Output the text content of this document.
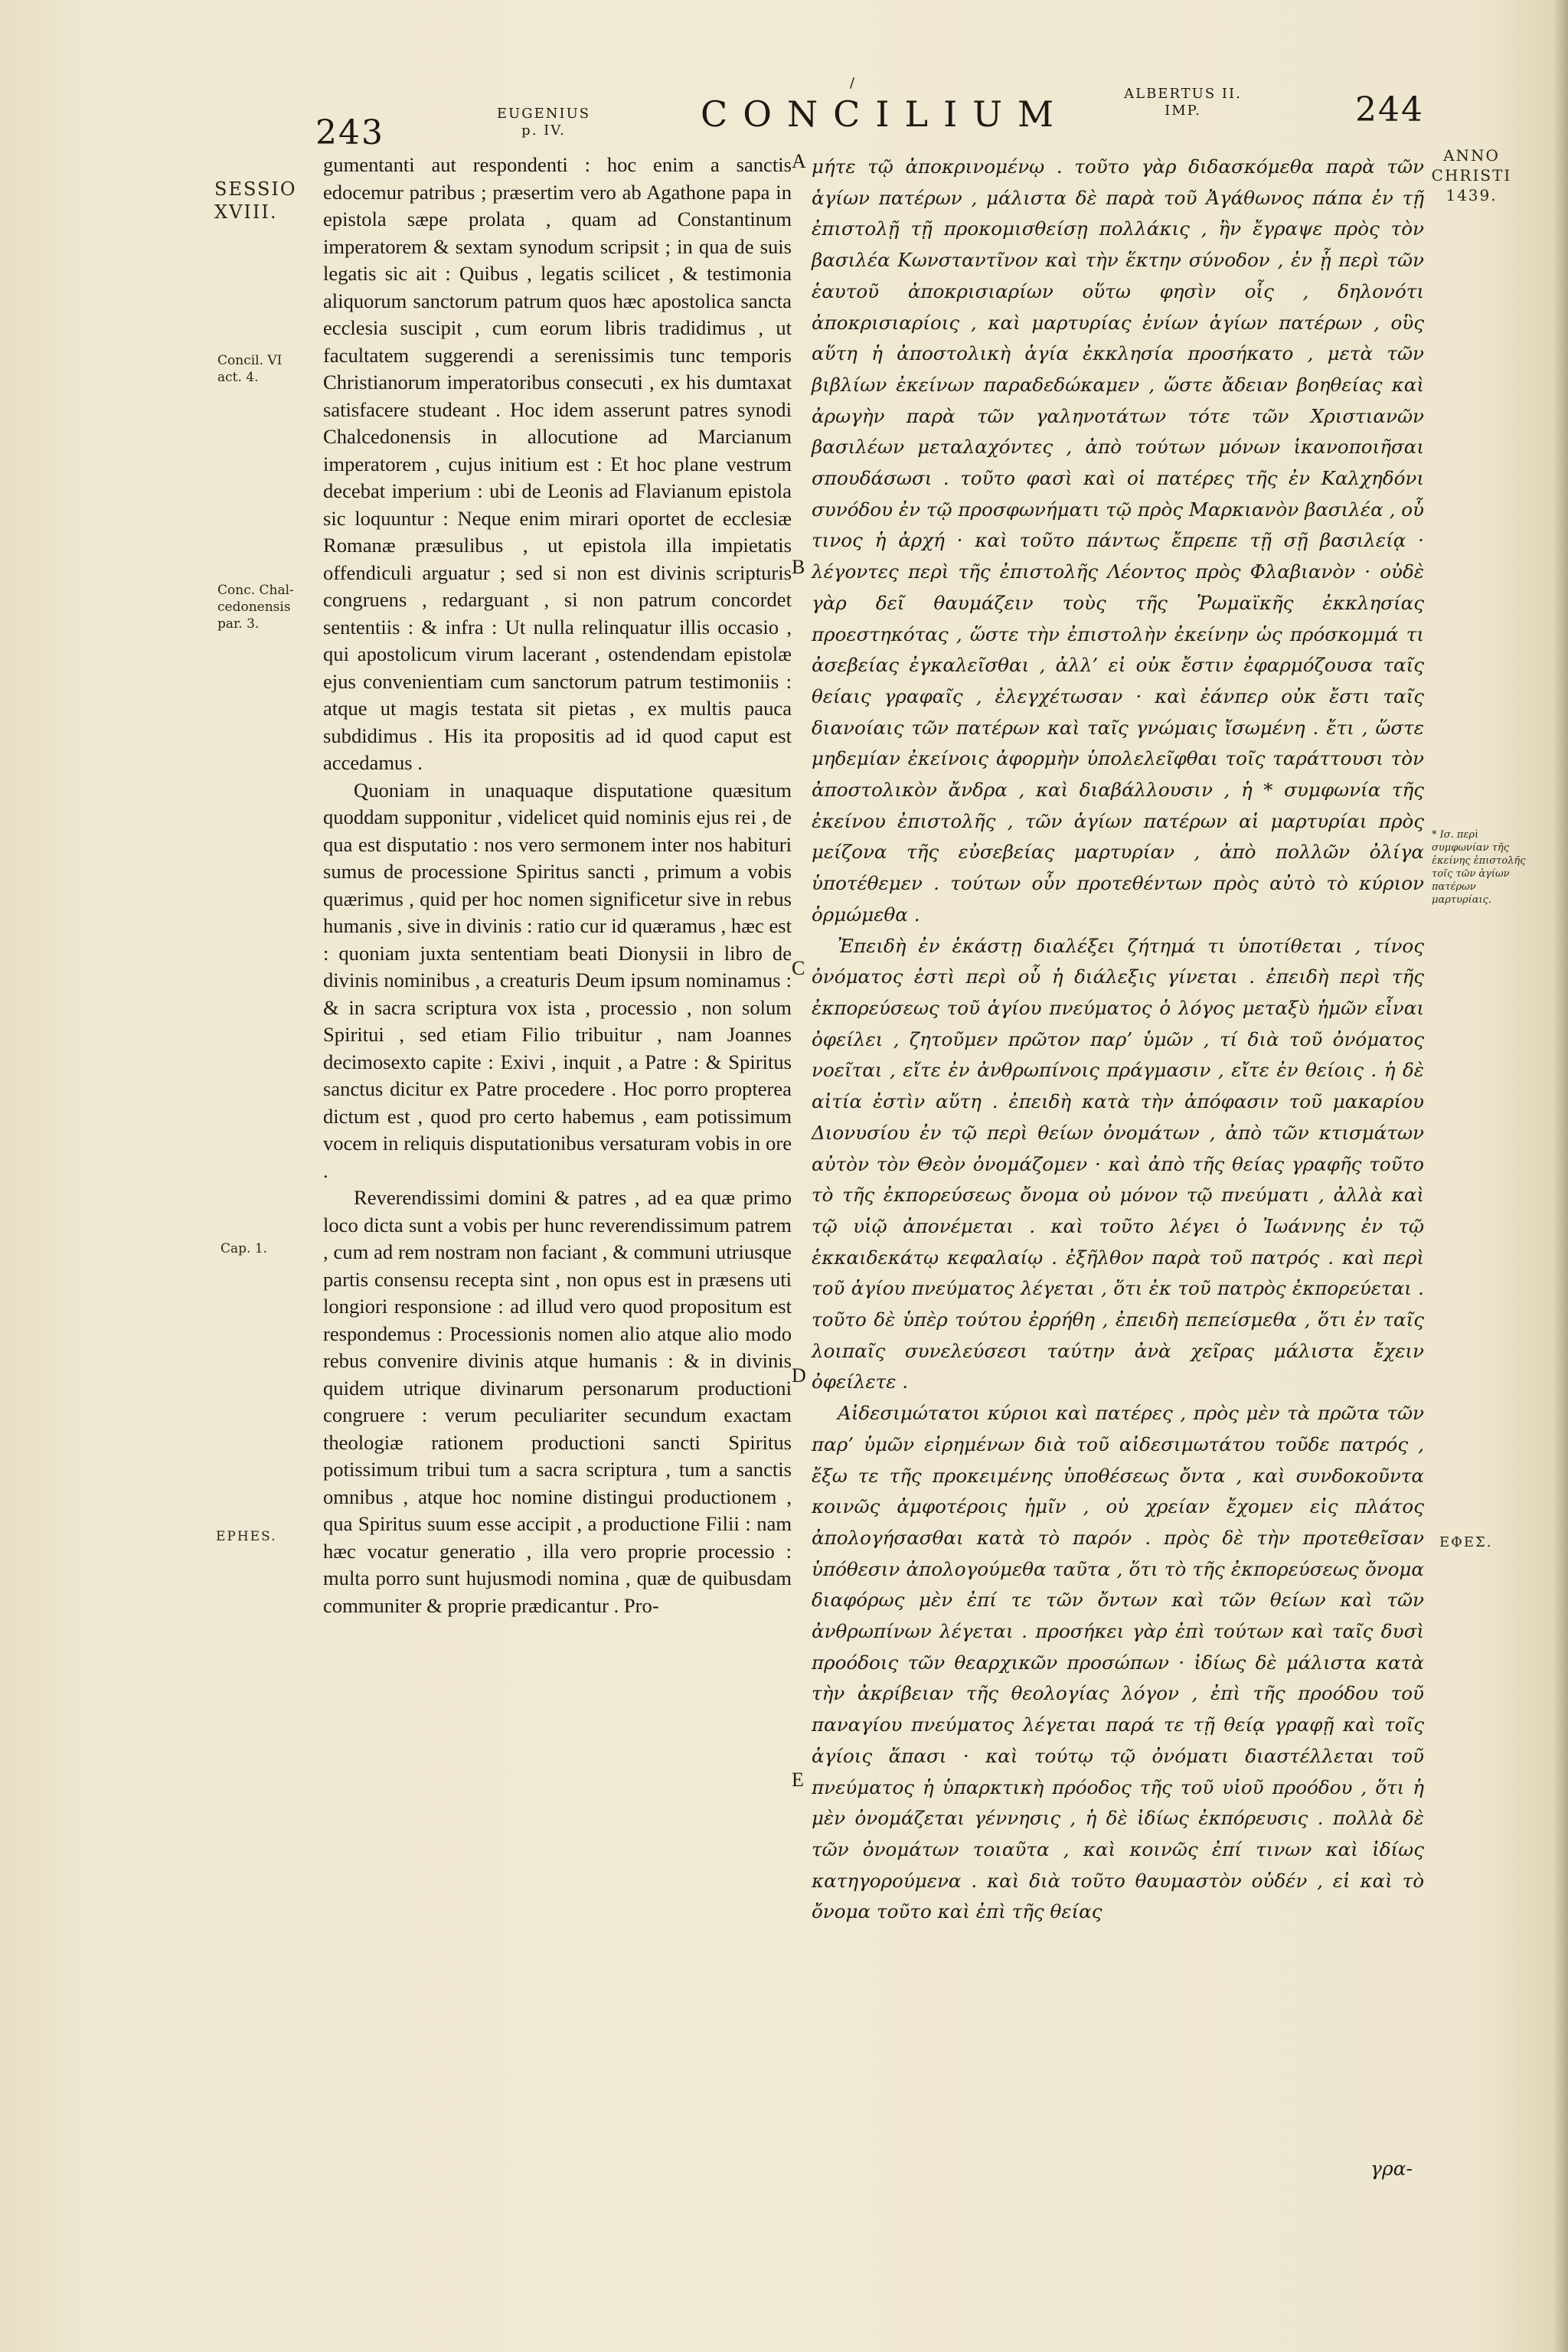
/
243	EUGENIUS
p. IV.	CONCILIUM	ALBERTUS II.
IMP.	244
SESSIO
XVIII.
Concil. VI
act. 4.
Conc. Chal-
cedonensis
par. 3.
Cap. 1.
EPHES.
ANNO
CHRISTI
1439.
* Ισ. περὶ συμφωνίαν τῆς ἐκείνης ἐπιστολῆς τοῖς τῶν ἁγίων πατέρων μαρτυρίαις.
EΦEΣ.
A
B
C
D
E

gumentanti aut respondenti : hoc enim a sanctis edocemur patribus ; præsertim vero ab Agathone papa in epistola sæpe prolata , quam ad Constantinum imperatorem & sextam synodum scripsit ; in qua de suis legatis sic ait : Quibus , legatis scilicet , & testimonia aliquorum sanctorum patrum quos hæc apostolica sancta ecclesia suscipit , cum eorum libris tradidimus , ut facultatem suggerendi a serenissimis tunc temporis Christianorum imperatoribus consecuti , ex his dumtaxat satisfacere studeant . Hoc idem asserunt patres synodi Chalcedonensis in allocutione ad Marcianum imperatorem , cujus initium est : Et hoc plane vestrum decebat imperium : ubi de Leonis ad Flavianum epistola sic loquuntur : Neque enim mirari oportet de ecclesiæ Romanæ præsulibus , ut epistola illa impietatis offendiculi arguatur ; sed si non est divinis scripturis congruens , redarguant , si non patrum concordet sententiis : & infra : Ut nulla relinquatur illis occasio , qui apostolicum virum lacerant , ostendendam epistolæ ejus convenientiam cum sanctorum patrum testimoniis : atque ut magis testata sit pietas , ex multis pauca subdidimus . His ita propositis ad id quod caput est accedamus .

Quoniam in unaquaque disputatione quæsitum quoddam supponitur , videlicet quid nominis ejus rei , de qua est disputatio : nos vero sermonem inter nos habituri sumus de processione Spiritus sancti , primum a vobis quærimus , quid per hoc nomen significetur sive in rebus humanis , sive in divinis : ratio cur id quæramus , hæc est : quoniam juxta sententiam beati Dionysii in libro de divinis nominibus , a creaturis Deum ipsum nominamus : & in sacra scriptura vox ista , processio , non solum Spiritui , sed etiam Filio tribuitur , nam Joannes decimosexto capite : Exivi , inquit , a Patre : & Spiritus sanctus dicitur ex Patre procedere . Hoc porro propterea dictum est , quod pro certo habemus , eam potissimum vocem in reliquis disputationibus versaturam vobis in ore .

Reverendissimi domini & patres , ad ea quæ primo loco dicta sunt a vobis per hunc reverendissimum patrem , cum ad rem nostram non faciant , & communi utriusque partis consensu recepta sint , non opus est in præsens uti longiori responsione : ad illud vero quod propositum est respondemus : Processionis nomen alio atque alio modo rebus convenire divinis atque humanis : & in divinis quidem utrique divinarum personarum productioni congruere : verum peculiariter secundum exactam theologiæ rationem productioni sancti Spiritus potissimum tribui tum a sacra scriptura , tum a sanctis omnibus , atque hoc nomine distingui productionem , qua Spiritus suum esse accipit , a productione Filii : nam hæc vocatur generatio , illa vero proprie processio : multa porro sunt hujusmodi nomina , quæ de quibusdam communiter & proprie prædicantur . Pro-

μήτε τῷ ἀποκρινομένῳ . τοῦτο γὰρ διδασκόμεθα παρὰ τῶν ἁγίων πατέρων , μάλιστα δὲ παρὰ τοῦ Ἀγάθωνος πάπα ἐν τῇ ἐπιστολῇ τῇ προκομισθείσῃ πολλάκις , ἣν ἔγραψε πρὸς τὸν βασιλέα Κωνσταντῖνον καὶ τὴν ἕκτην σύνοδον , ἐν ᾗ περὶ τῶν ἑαυτοῦ ἀποκρισιαρίων οὕτω φησὶν οἷς , δηλονότι ἀποκρισιαρίοις , καὶ μαρτυρίας ἐνίων ἁγίων πατέρων , οὓς αὕτη ἡ ἀποστολικὴ ἁγία ἐκκλησία προσήκατο , μετὰ τῶν βιβλίων ἐκείνων παραδεδώκαμεν , ὥστε ἄδειαν βοηθείας καὶ ἀρωγὴν παρὰ τῶν γαληνοτάτων τότε τῶν Χριστιανῶν βασιλέων μεταλαχόντες , ἀπὸ τούτων μόνων ἱκανοποιῆσαι σπουδάσωσι . τοῦτο φασὶ καὶ οἱ πατέρες τῆς ἐν Καλχηδόνι συνόδου ἐν τῷ προσφωνήματι τῷ πρὸς Μαρκιανὸν βασιλέα , οὗ τινος ἡ ἀρχή · καὶ τοῦτο πάντως ἔπρεπε τῇ σῇ βασιλείᾳ · λέγοντες περὶ τῆς ἐπιστολῆς Λέοντος πρὸς Φλαβιανὸν · οὐδὲ γὰρ δεῖ θαυμάζειν τοὺς τῆς Ῥωμαϊκῆς ἐκκλησίας προεστηκότας , ὥστε τὴν ἐπιστολὴν ἐκείνην ὡς πρόσκομμά τι ἀσεβείας ἐγκαλεῖσθαι , ἀλλ’ εἰ οὐκ ἔστιν ἐφαρμόζουσα ταῖς θείαις γραφαῖς , ἐλεγχέτωσαν · καὶ ἐάνπερ οὐκ ἔστι ταῖς διανοίαις τῶν πατέρων καὶ ταῖς γνώμαις ἴσωμένη . ἔτι , ὥστε μηδεμίαν ἐκείνοις ἀφορμὴν ὑπολελεῖφθαι τοῖς ταράττουσι τὸν ἀποστολικὸν ἄνδρα , καὶ διαβάλλουσιν , ἡ * συμφωνία τῆς ἐκείνου ἐπιστολῆς , τῶν ἁγίων πατέρων αἱ μαρτυρίαι πρὸς μείζονα τῆς εὐσεβείας μαρτυρίαν , ἀπὸ πολλῶν ὀλίγα ὑποτέθεμεν . τούτων οὖν προτεθέντων πρὸς αὐτὸ τὸ κύριον ὁρμώμεθα .

Ἐπειδὴ ἐν ἑκάστῃ διαλέξει ζήτημά τι ὑποτίθεται , τίνος ὀνόματος ἐστὶ περὶ οὗ ἡ διάλεξις γίνεται . ἐπειδὴ περὶ τῆς ἐκπορεύσεως τοῦ ἁγίου πνεύματος ὁ λόγος μεταξὺ ἡμῶν εἶναι ὀφείλει , ζητοῦμεν πρῶτον παρ’ ὑμῶν , τί διὰ τοῦ ὀνόματος νοεῖται , εἴτε ἐν ἀνθρωπίνοις πράγμασιν , εἴτε ἐν θείοις . ἡ δὲ αἰτία ἐστὶν αὕτη . ἐπειδὴ κατὰ τὴν ἀπόφασιν τοῦ μακαρίου Διονυσίου ἐν τῷ περὶ θείων ὀνομάτων , ἀπὸ τῶν κτισμάτων αὐτὸν τὸν Θεὸν ὀνομάζομεν · καὶ ἀπὸ τῆς θείας γραφῆς τοῦτο τὸ τῆς ἐκπορεύσεως ὄνομα οὐ μόνον τῷ πνεύματι , ἀλλὰ καὶ τῷ υἱῷ ἀπονέμεται . καὶ τοῦτο λέγει ὁ Ἰωάννης ἐν τῷ ἑκκαιδεκάτῳ κεφαλαίῳ . ἐξῆλθον παρὰ τοῦ πατρός . καὶ περὶ τοῦ ἁγίου πνεύματος λέγεται , ὅτι ἐκ τοῦ πατρὸς ἐκπορεύεται . τοῦτο δὲ ὑπὲρ τούτου ἐρρήθη , ἐπειδὴ πεπείσμεθα , ὅτι ἐν ταῖς λοιπαῖς συνελεύσεσι ταύτην ἀνὰ χεῖρας μάλιστα ἔχειν ὀφείλετε .

Αἰδεσιμώτατοι κύριοι καὶ πατέρες , πρὸς μὲν τὰ πρῶτα τῶν παρ’ ὑμῶν εἰρημένων διὰ τοῦ αἰδεσιμωτάτου τοῦδε πατρός , ἔξω τε τῆς προκειμένης ὑποθέσεως ὄντα , καὶ συνδοκοῦντα κοινῶς ἀμφοτέροις ἡμῖν , οὐ χρείαν ἔχομεν εἰς πλάτος ἀπολογήσασθαι κατὰ τὸ παρόν . πρὸς δὲ τὴν προτεθεῖσαν ὑπόθεσιν ἀπολογούμεθα ταῦτα , ὅτι τὸ τῆς ἐκπορεύσεως ὄνομα διαφόρως μὲν ἐπί τε τῶν ὄντων καὶ τῶν θείων καὶ τῶν ἀνθρωπίνων λέγεται . προσήκει γὰρ ἐπὶ τούτων καὶ ταῖς δυσὶ προόδοις τῶν θεαρχικῶν προσώπων · ἰδίως δὲ μάλιστα κατὰ τὴν ἀκρίβειαν τῆς θεολογίας λόγον , ἐπὶ τῆς προόδου τοῦ παναγίου πνεύματος λέγεται παρά τε τῇ θείᾳ γραφῇ καὶ τοῖς ἁγίοις ἅπασι · καὶ τούτῳ τῷ ὀνόματι διαστέλλεται τοῦ πνεύματος ἡ ὑπαρκτικὴ πρόοδος τῆς τοῦ υἱοῦ προόδου , ὅτι ἡ μὲν ὀνομάζεται γέννησις , ἡ δὲ ἰδίως ἐκπόρευσις . πολλὰ δὲ τῶν ὀνομάτων τοιαῦτα , καὶ κοινῶς ἐπί τινων καὶ ἰδίως κατηγορούμενα . καὶ διὰ τοῦτο θαυμαστὸν οὐδέν , εἰ καὶ τὸ ὄνομα τοῦτο καὶ ἐπὶ τῆς θείας

γρα-
